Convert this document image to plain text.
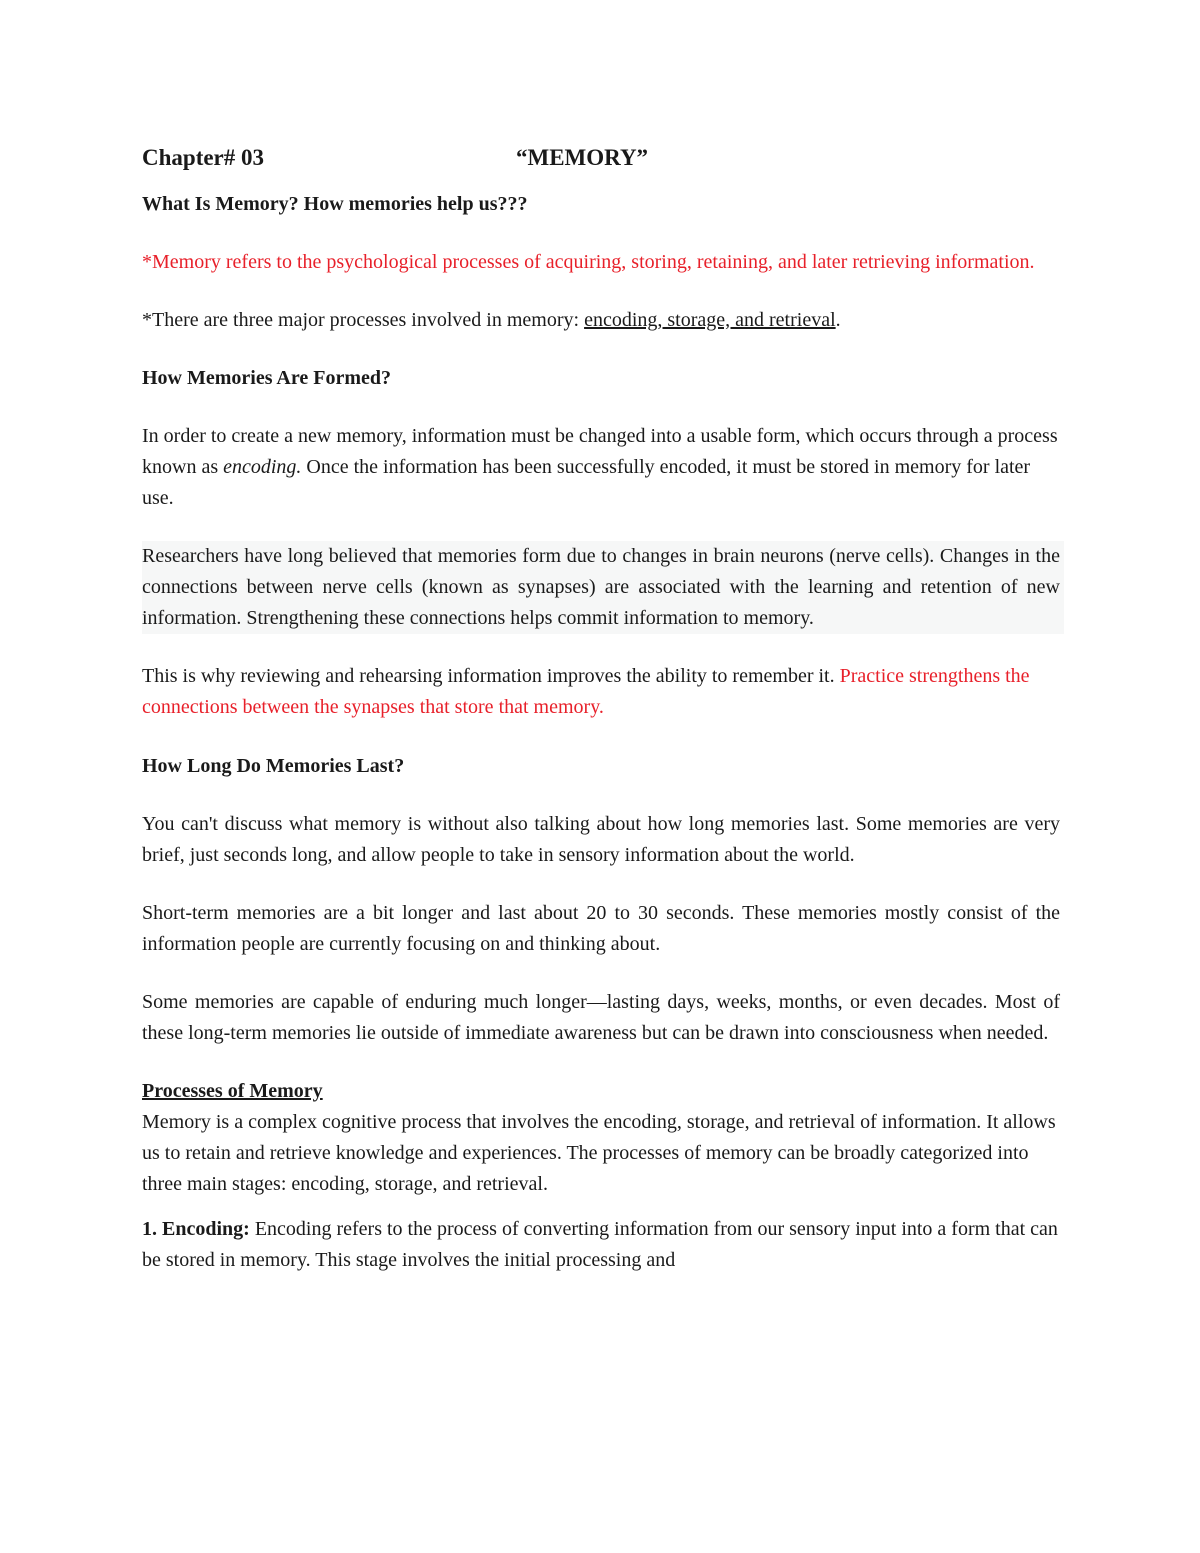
Chapter# 03	“MEMORY”

What Is Memory? How memories help us???

*Memory refers to the psychological processes of acquiring, storing, retaining, and later retrieving information.

*There are three major processes involved in memory: encoding, storage, and retrieval.

How Memories Are Formed?

In order to create a new memory, information must be changed into a usable form, which occurs through a process known as encoding. Once the information has been successfully encoded, it must be stored in memory for later use.

Researchers have long believed that memories form due to changes in brain neurons (nerve cells). Changes in the connections between nerve cells (known as synapses) are associated with the learning and retention of new information. Strengthening these connections helps commit information to memory.

This is why reviewing and rehearsing information improves the ability to remember it. Practice strengthens the connections between the synapses that store that memory.

How Long Do Memories Last?

You can't discuss what memory is without also talking about how long memories last. Some memories are very brief, just seconds long, and allow people to take in sensory information about the world.

Short-term memories are a bit longer and last about 20 to 30 seconds. These memories mostly consist of the information people are currently focusing on and thinking about.

Some memories are capable of enduring much longer—lasting days, weeks, months, or even decades. Most of these long-term memories lie outside of immediate awareness but can be drawn into consciousness when needed.

Processes of Memory

Memory is a complex cognitive process that involves the encoding, storage, and retrieval of information. It allows us to retain and retrieve knowledge and experiences. The processes of memory can be broadly categorized into three main stages: encoding, storage, and retrieval.

1. Encoding: Encoding refers to the process of converting information from our sensory input into a form that can be stored in memory. This stage involves the initial processing and
